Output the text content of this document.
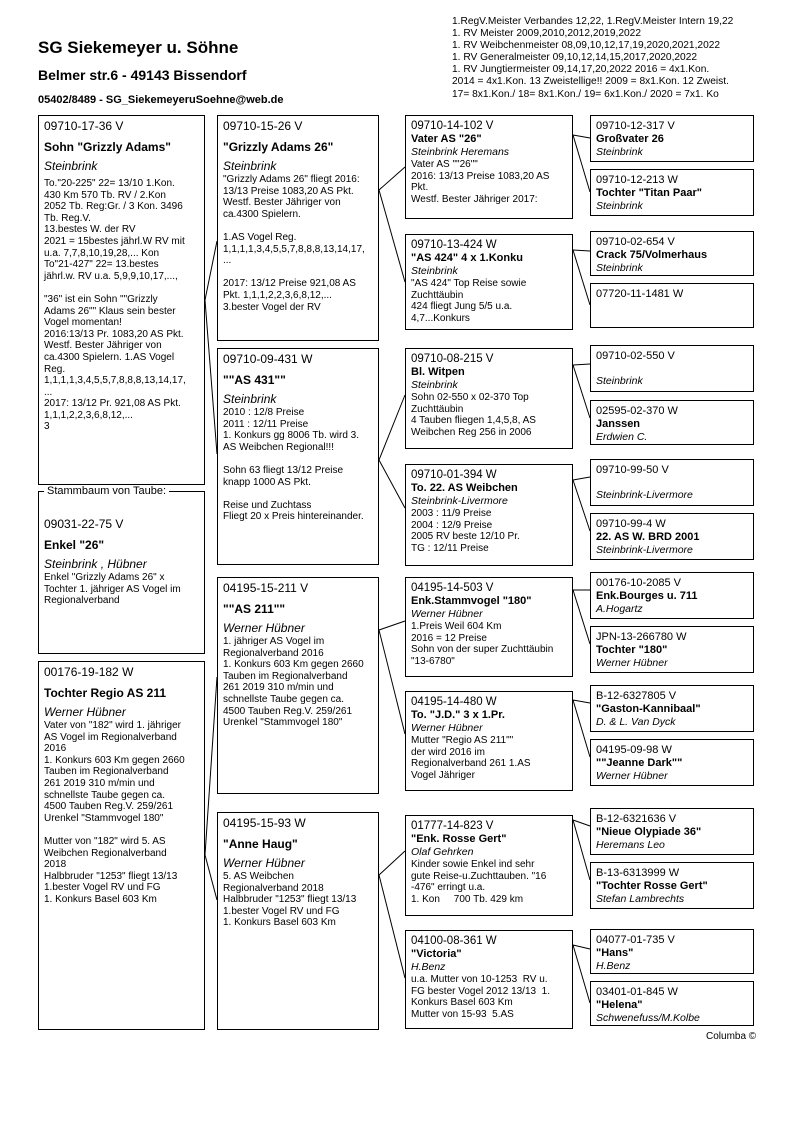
SG Siekemeyer u. Söhne
Belmer str.6 - 49143 Bissendorf
05402/8489 - SG_SiekemeyeruSoehne@web.de
1.RegV.Meister Verbandes 12,22, 1.RegV.Meister Intern 19,22
1. RV Meister 2009,2010,2012,2019,2022
1. RV Weibchenmeister 08,09,10,12,17,19,2020,2021,2022
1. RV Generalmeister 09,10,12,14,15,2017,2020,2022
1. RV Jungtiermeister 09,14,17,20,2022 2016 = 4x1.Kon.
2014 = 4x1.Kon. 13 Zweistellige!! 2009 = 8x1.Kon. 12 Zweist.
17= 8x1.Kon./ 18= 8x1.Kon./ 19= 6x1.Kon./ 2020 = 7x1. Ko
09710-17-36 V
Sohn "Grizzly Adams"
Steinbrink
To."20-225" 22= 13/10 1.Kon.
430 Km 570 Tb. RV / 2.Kon
2052 Tb. Reg:Gr. / 3 Kon. 3496
Tb. Reg.V.
13.bestes W. der RV
2021 = 15bestes jährl.W RV mit
u.a. 7,7,8,10,19,28,... Kon
To"21-427" 22= 13.bestes
jährl.w. RV u.a. 5,9,9,10,17,...,

"36" ist ein Sohn ""Grizzly
Adams 26"" Klaus sein bester
Vogel momentan!
2016:13/13 Pr. 1083,20 AS Pkt.
Westf. Bester Jähriger von
ca.4300 Spielern. 1.AS Vogel
Reg.
1,1,1,1,3,4,5,5,7,8,8,8,13,14,17,
...
2017: 13/12 Pr. 921,08 AS Pkt.
1,1,1,2,2,3,6,8,12,...
3
09031-22-75 V
Enkel "26"
Steinbrink , Hübner
Enkel "Grizzly Adams 26" x
Tochter 1. jähriger AS Vogel im
Regionalverband
Stammbaum von Taube:
00176-19-182 W
Tochter Regio AS 211
Werner Hübner
Vater von "182" wird 1. jähriger
AS Vogel im Regionalverband
2016
1. Konkurs 603 Km gegen 2660
Tauben im Regionalverband
261 2019 310 m/min und
schnellste Taube gegen ca.
4500 Tauben Reg.V. 259/261
Urenkel "Stammvogel 180"

Mutter von "182" wird 5. AS
Weibchen Regionalverband
2018
Halbbruder "1253" fliegt 13/13
1.bester Vogel RV und FG
1. Konkurs Basel 603 Km
09710-15-26 V
"Grizzly Adams 26"
Steinbrink
"Grizzly Adams 26" fliegt 2016:
13/13 Preise 1083,20 AS Pkt.
Westf. Bester Jähriger von
ca.4300 Spielern.

1.AS Vogel Reg.
1,1,1,1,3,4,5,5,7,8,8,8,13,14,17,
...

2017: 13/12 Preise 921,08 AS
Pkt. 1,1,1,2,2,3,6,8,12,...
3.bester Vogel der RV
09710-09-431 W
""AS 431""
Steinbrink
2010 : 12/8 Preise
2011 : 12/11 Preise
1. Konkurs gg 8006 Tb. wird 3.
AS Weibchen Regional!!!

Sohn 63 fliegt 13/12 Preise
knapp 1000 AS Pkt.

Reise und Zuchtass
Fliegt 20 x Preis hintereinander.
04195-15-211 V
""AS 211""
Werner Hübner
1. jähriger AS Vogel im
Regionalverband 2016
1. Konkurs 603 Km gegen 2660
Tauben im Regionalverband
261 2019 310 m/min und
schnellste Taube gegen ca.
4500 Tauben Reg.V. 259/261
Urenkel "Stammvogel 180"
04195-15-93 W
"Anne Haug"
Werner Hübner
5. AS Weibchen
Regionalverband 2018
Halbbruder "1253" fliegt 13/13
1.bester Vogel RV und FG
1. Konkurs Basel 603 Km
09710-14-102 V
Vater AS "26"
Steinbrink Heremans
Vater AS ""26""
2016: 13/13 Preise 1083,20 AS
Pkt.
Westf. Bester Jähriger 2017:
09710-13-424 W
"AS 424" 4 x 1.Konku
Steinbrink
"AS 424" Top Reise sowie
Zuchttäubin
424 fliegt Jung 5/5 u.a.
4,7...Konkurs
09710-08-215 V
Bl. Witpen
Steinbrink
Sohn 02-550 x 02-370 Top
Zuchttäubin
4 Tauben fliegen 1,4,5,8, AS
Weibchen Reg 256 in 2006
09710-01-394 W
To. 22. AS Weibchen
Steinbrink-Livermore
2003 : 11/9 Preise
2004 : 12/9 Preise
2005 RV beste 12/10 Pr.
TG : 12/11 Preise
04195-14-503 V
Enk.Stammvogel "180"
Werner Hübner
1.Preis Weil 604 Km
2016 = 12 Preise
Sohn von der super Zuchttäubin
"13-6780"
04195-14-480 W
To. "J.D." 3 x 1.Pr.
Werner Hübner
Mutter "Regio AS 211""
der wird 2016 im
Regionalverband 261 1.AS
Vogel Jähriger
01777-14-823 V
"Enk. Rosse Gert"
Olaf Gehrken
Kinder sowie Enkel ind sehr
gute Reise-u.Zuchttauben. "16
-476" erringt u.a.
1. Kon     700 Tb. 429 km
04100-08-361 W
"Victoria"
H.Benz
u.a. Mutter von 10-1253  RV u.
FG bester Vogel 2012 13/13  1.
Konkurs Basel 603 Km
Mutter von 15-93  5.AS
09710-12-317 V
Großvater 26
Steinbrink
09710-12-213 W
Tochter "Titan Paar"
Steinbrink
09710-02-654 V
Crack 75/Volmerhaus
Steinbrink
07720-11-1481 W
09710-02-550 V
Steinbrink
02595-02-370 W
Janssen
Erdwien C.
09710-99-50 V
Steinbrink-Livermore
09710-99-4 W
22. AS W. BRD 2001
Steinbrink-Livermore
00176-10-2085 V
Enk.Bourges u. 711
A.Hogartz
JPN-13-266780 W
Tochter "180"
Werner Hübner
B-12-6327805 V
"Gaston-Kannibaal"
D. & L. Van Dyck
04195-09-98 W
""Jeanne Dark""
Werner Hübner
B-12-6321636 V
"Nieue Olypiade 36"
Heremans Leo
B-13-6313999 W
"Tochter Rosse Gert"
Stefan Lambrechts
04077-01-735 V
"Hans"
H.Benz
03401-01-845 W
"Helena"
Schwenefuss/M.Kolbe
Columba ©
